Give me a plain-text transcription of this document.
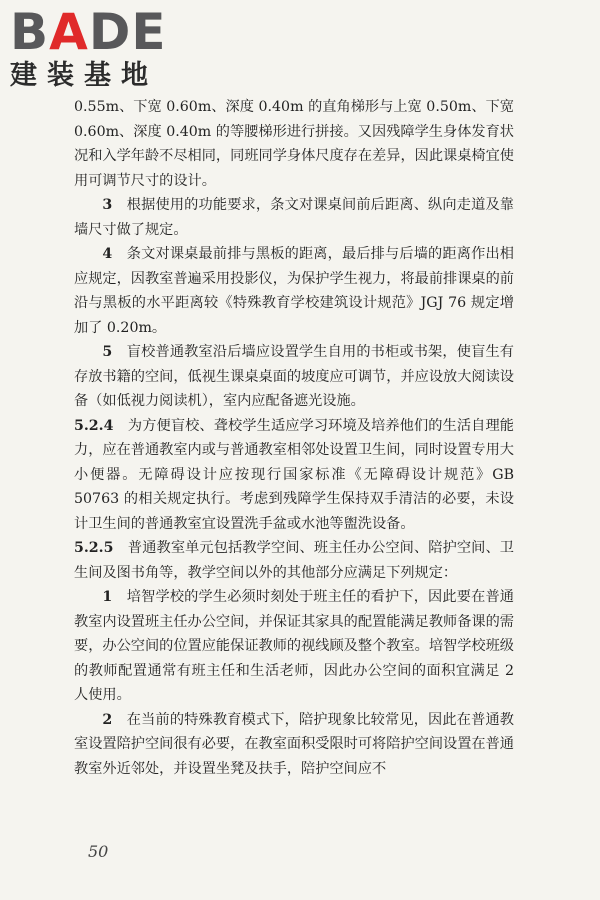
BADE
建装基地

0.55m、下宽 0.60m、深度 0.40m 的直角梯形与上宽 0.50m、下宽 0.60m、深度 0.40m 的等腰梯形进行拼接。又因残障学生身体发育状况和入学年龄不尽相同，同班同学身体尺度存在差异，因此课桌椅宜使用可调节尺寸的设计。

3　 根据使用的功能要求，条文对课桌间前后距离、纵向走道及靠墙尺寸做了规定。

4　 条文对课桌最前排与黑板的距离，最后排与后墙的距离作出相应规定，因教室普遍采用投影仪，为保护学生视力，将最前排课桌的前沿与黑板的水平距离较《特殊教育学校建筑设计规范》JGJ 76 规定增加了 0.20m。

5　 盲校普通教室沿后墙应设置学生自用的书柜或书架，使盲生有存放书籍的空间，低视生课桌桌面的坡度应可调节，并应设放大阅读设备（如低视力阅读机），室内应配备遮光设施。

5.2.4　 为方便盲校、聋校学生适应学习环境及培养他们的生活自理能力，应在普通教室内或与普通教室相邻处设置卫生间，同时设置专用大小便器。无障碍设计应按现行国家标准《无障碍设计规范》GB 50763 的相关规定执行。考虑到残障学生保持双手清洁的必要，未设计卫生间的普通教室宜设置洗手盆或水池等盥洗设备。

5.2.5　 普通教室单元包括教学空间、班主任办公空间、陪护空间、卫生间及图书角等，教学空间以外的其他部分应满足下列规定：

1　 培智学校的学生必须时刻处于班主任的看护下，因此要在普通教室内设置班主任办公空间，并保证其家具的配置能满足教师备课的需要，办公空间的位置应能保证教师的视线顾及整个教室。培智学校班级的教师配置通常有班主任和生活老师，因此办公空间的面积宜满足 2 人使用。

2　 在当前的特殊教育模式下，陪护现象比较常见，因此在普通教室设置陪护空间很有必要，在教室面积受限时可将陪护空间设置在普通教室外近邻处，并设置坐凳及扶手，陪护空间应不

50
